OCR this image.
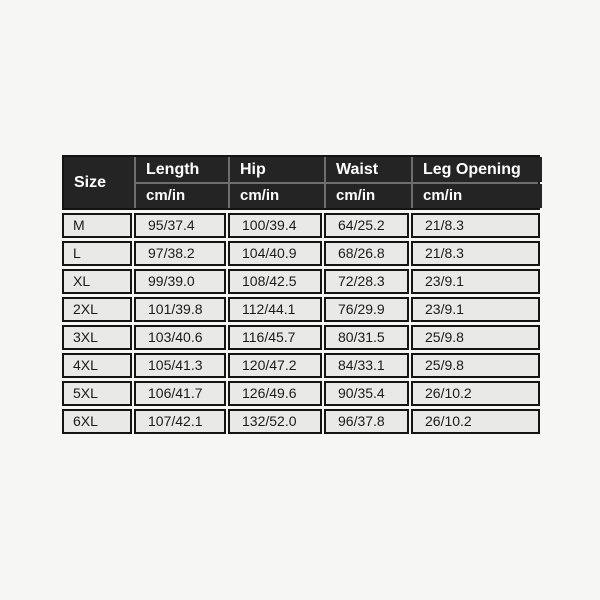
Size
Length	Hip	Waist	Leg Opening
cm/in	cm/in	cm/in	cm/in
M	95/37.4	100/39.4	64/25.2	21/8.3
L	97/38.2	104/40.9	68/26.8	21/8.3
XL	99/39.0	108/42.5	72/28.3	23/9.1
2XL	101/39.8	112/44.1	76/29.9	23/9.1
3XL	103/40.6	116/45.7	80/31.5	25/9.8
4XL	105/41.3	120/47.2	84/33.1	25/9.8
5XL	106/41.7	126/49.6	90/35.4	26/10.2
6XL	107/42.1	132/52.0	96/37.8	26/10.2
